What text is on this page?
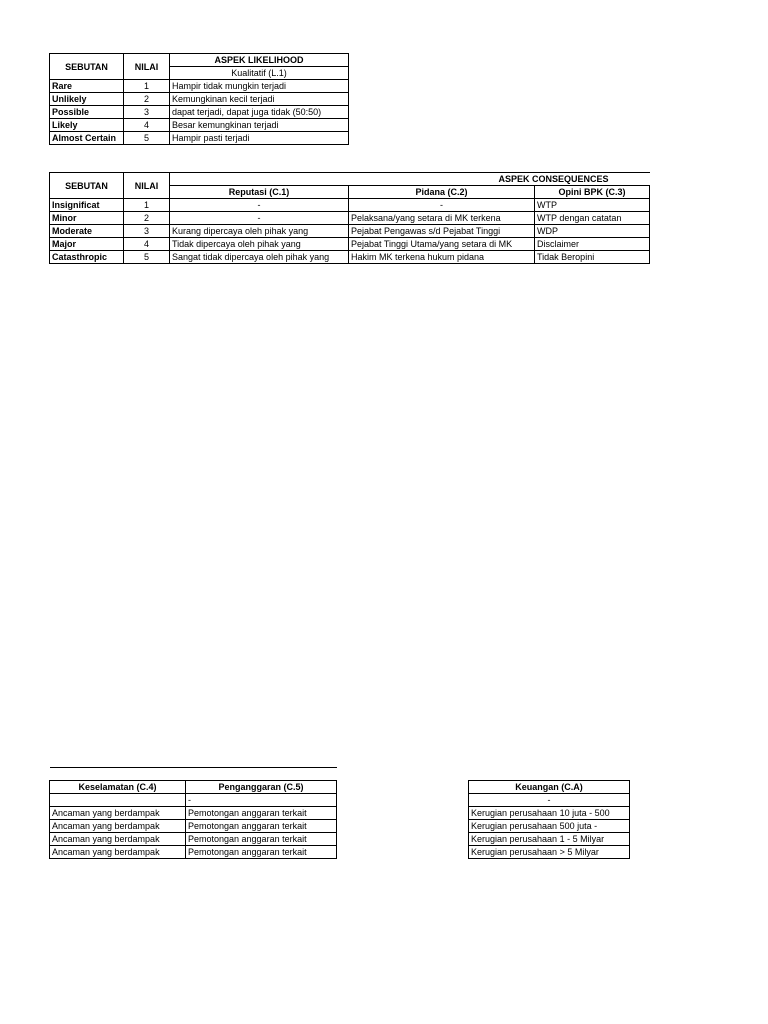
SEBUTAN	NILAI	ASPEK LIKELIHOOD
		Kualitatif (L.1)
Rare	1	Hampir tidak mungkin terjadi
Unlikely	2	Kemungkinan kecil terjadi
Possible	3	dapat terjadi, dapat juga tidak (50:50)
Likely	4	Besar kemungkinan terjadi
Almost Certain	5	Hampir pasti terjadi
SEBUTAN	NILAI		ASPEK CONSEQUENCES	
		Reputasi (C.1)	Pidana (C.2)	Opini BPK (C.3)
Insignificat	1	-	-	WTP
Minor	2	-	Pelaksana/yang setara di MK terkena	WTP dengan catatan
Moderate	3	Kurang dipercaya oleh pihak yang	Pejabat Pengawas s/d Pejabat Tinggi	WDP
Major	4	Tidak dipercaya oleh pihak yang	Pejabat Tinggi Utama/yang setara di MK	Disclaimer
Catasthropic	5	Sangat tidak dipercaya oleh pihak yang	Hakim MK terkena hukum pidana	Tidak Beropini

Keselamatan (C.4)	Penganggaran (C.5)
	-
Ancaman yang berdampak	Pemotongan anggaran terkait
Ancaman yang berdampak	Pemotongan anggaran terkait
Ancaman yang berdampak	Pemotongan anggaran terkait
Ancaman yang berdampak	Pemotongan anggaran terkait
Keuangan (C.A)
-
Kerugian perusahaan 10 juta - 500
Kerugian perusahaan 500 juta -
Kerugian perusahaan 1 - 5 Milyar
Kerugian perusahaan > 5 Milyar
